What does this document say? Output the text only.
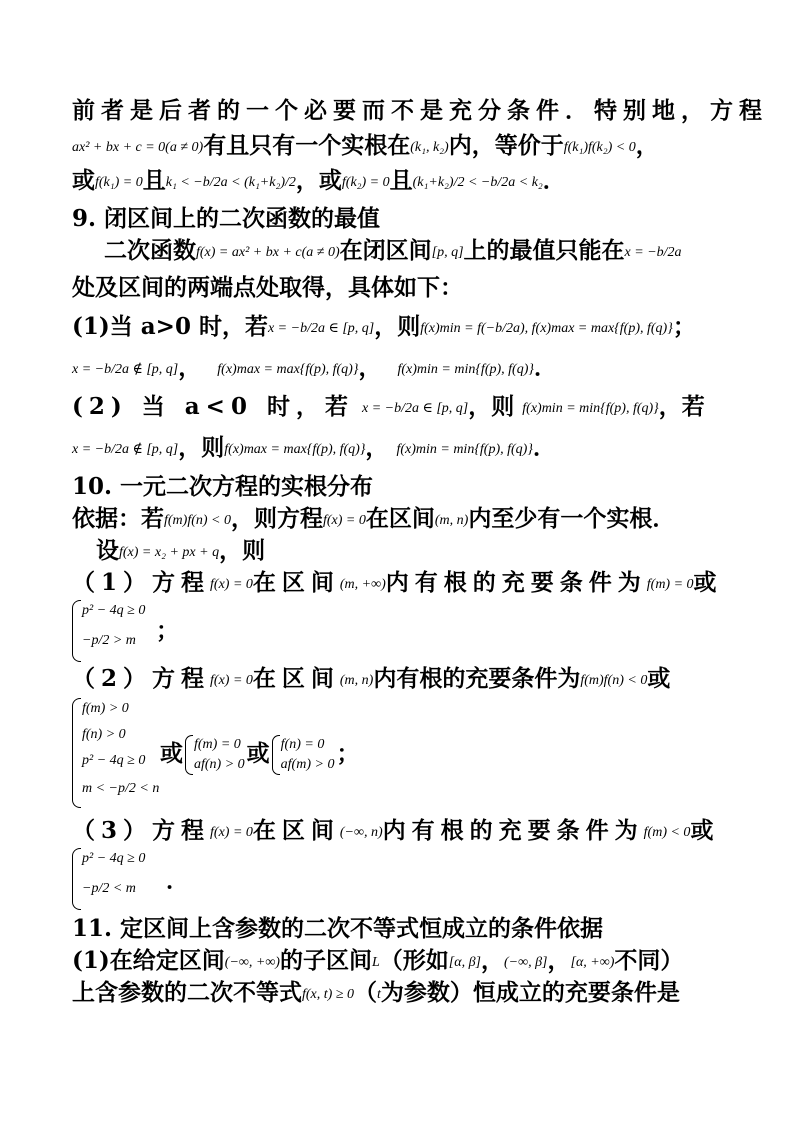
前者是后者的一个必要而不是充分条件．特别地，方程
ax² + bx + c = 0(a ≠ 0)有且只有一个实根在(k₁, k₂)内，等价于f(k₁)f(k₂) < 0，
或f(k₁) = 0且k₁ < −b/2a < (k₁+k₂)/2，或f(k₂) = 0且(k₁+k₂)/2 < −b/2a < k₂．
9. 闭区间上的二次函数的最值
二次函数f(x) = ax² + bx + c(a ≠ 0)在闭区间[p, q]上的最值只能在x = −b/2a
处及区间的两端点处取得，具体如下：
(1)当 a>0 时，若x = −b/2a ∈ [p, q]，则f(x)min = f(−b/2a), f(x)max = max{f(p), f(q)}；
x = −b/2a ∉ [p, q]， f(x)max = max{f(p), f(q)}， f(x)min = min{f(p), f(q)}．
(2) 当 a<0 时，若 x = −b/2a ∈ [p, q]，则 f(x)min = min{f(p), f(q)}，若
x = −b/2a ∉ [p, q]，则f(x)max = max{f(p), f(q)}， f(x)min = min{f(p), f(q)}．
10. 一元二次方程的实根分布
依据：若f(m)f(n) < 0，则方程f(x) = 0在区间(m, n)内至少有一个实根．
设f(x) = x₂ + px + q，则
（1）方程f(x) = 0在区间(m, +∞)内有根的充要条件为f(m) = 0或
p² − 4q ≥ 0
−p/2 > m ；
（2）方程f(x) = 0在区间(m, n)内有根的充要条件为f(m)f(n) < 0或
f(m) > 0
f(n) > 0
p² − 4q ≥ 0
m < −p/2 < n
或 f(m) = 0
af(n) > 0 或 f(n) = 0
af(m) > 0 ；
（3）方程f(x) = 0在区间(−∞, n)内有根的充要条件为f(m) < 0或
p² − 4q ≥ 0
−p/2 < m	．
11. 定区间上含参数的二次不等式恒成立的条件依据
(1)在给定区间(−∞, +∞)的子区间L（形如[α, β]，(−∞, β]，[α, +∞)不同）
上含参数的二次不等式f(x, t) ≥ 0（t为参数）恒成立的充要条件是
